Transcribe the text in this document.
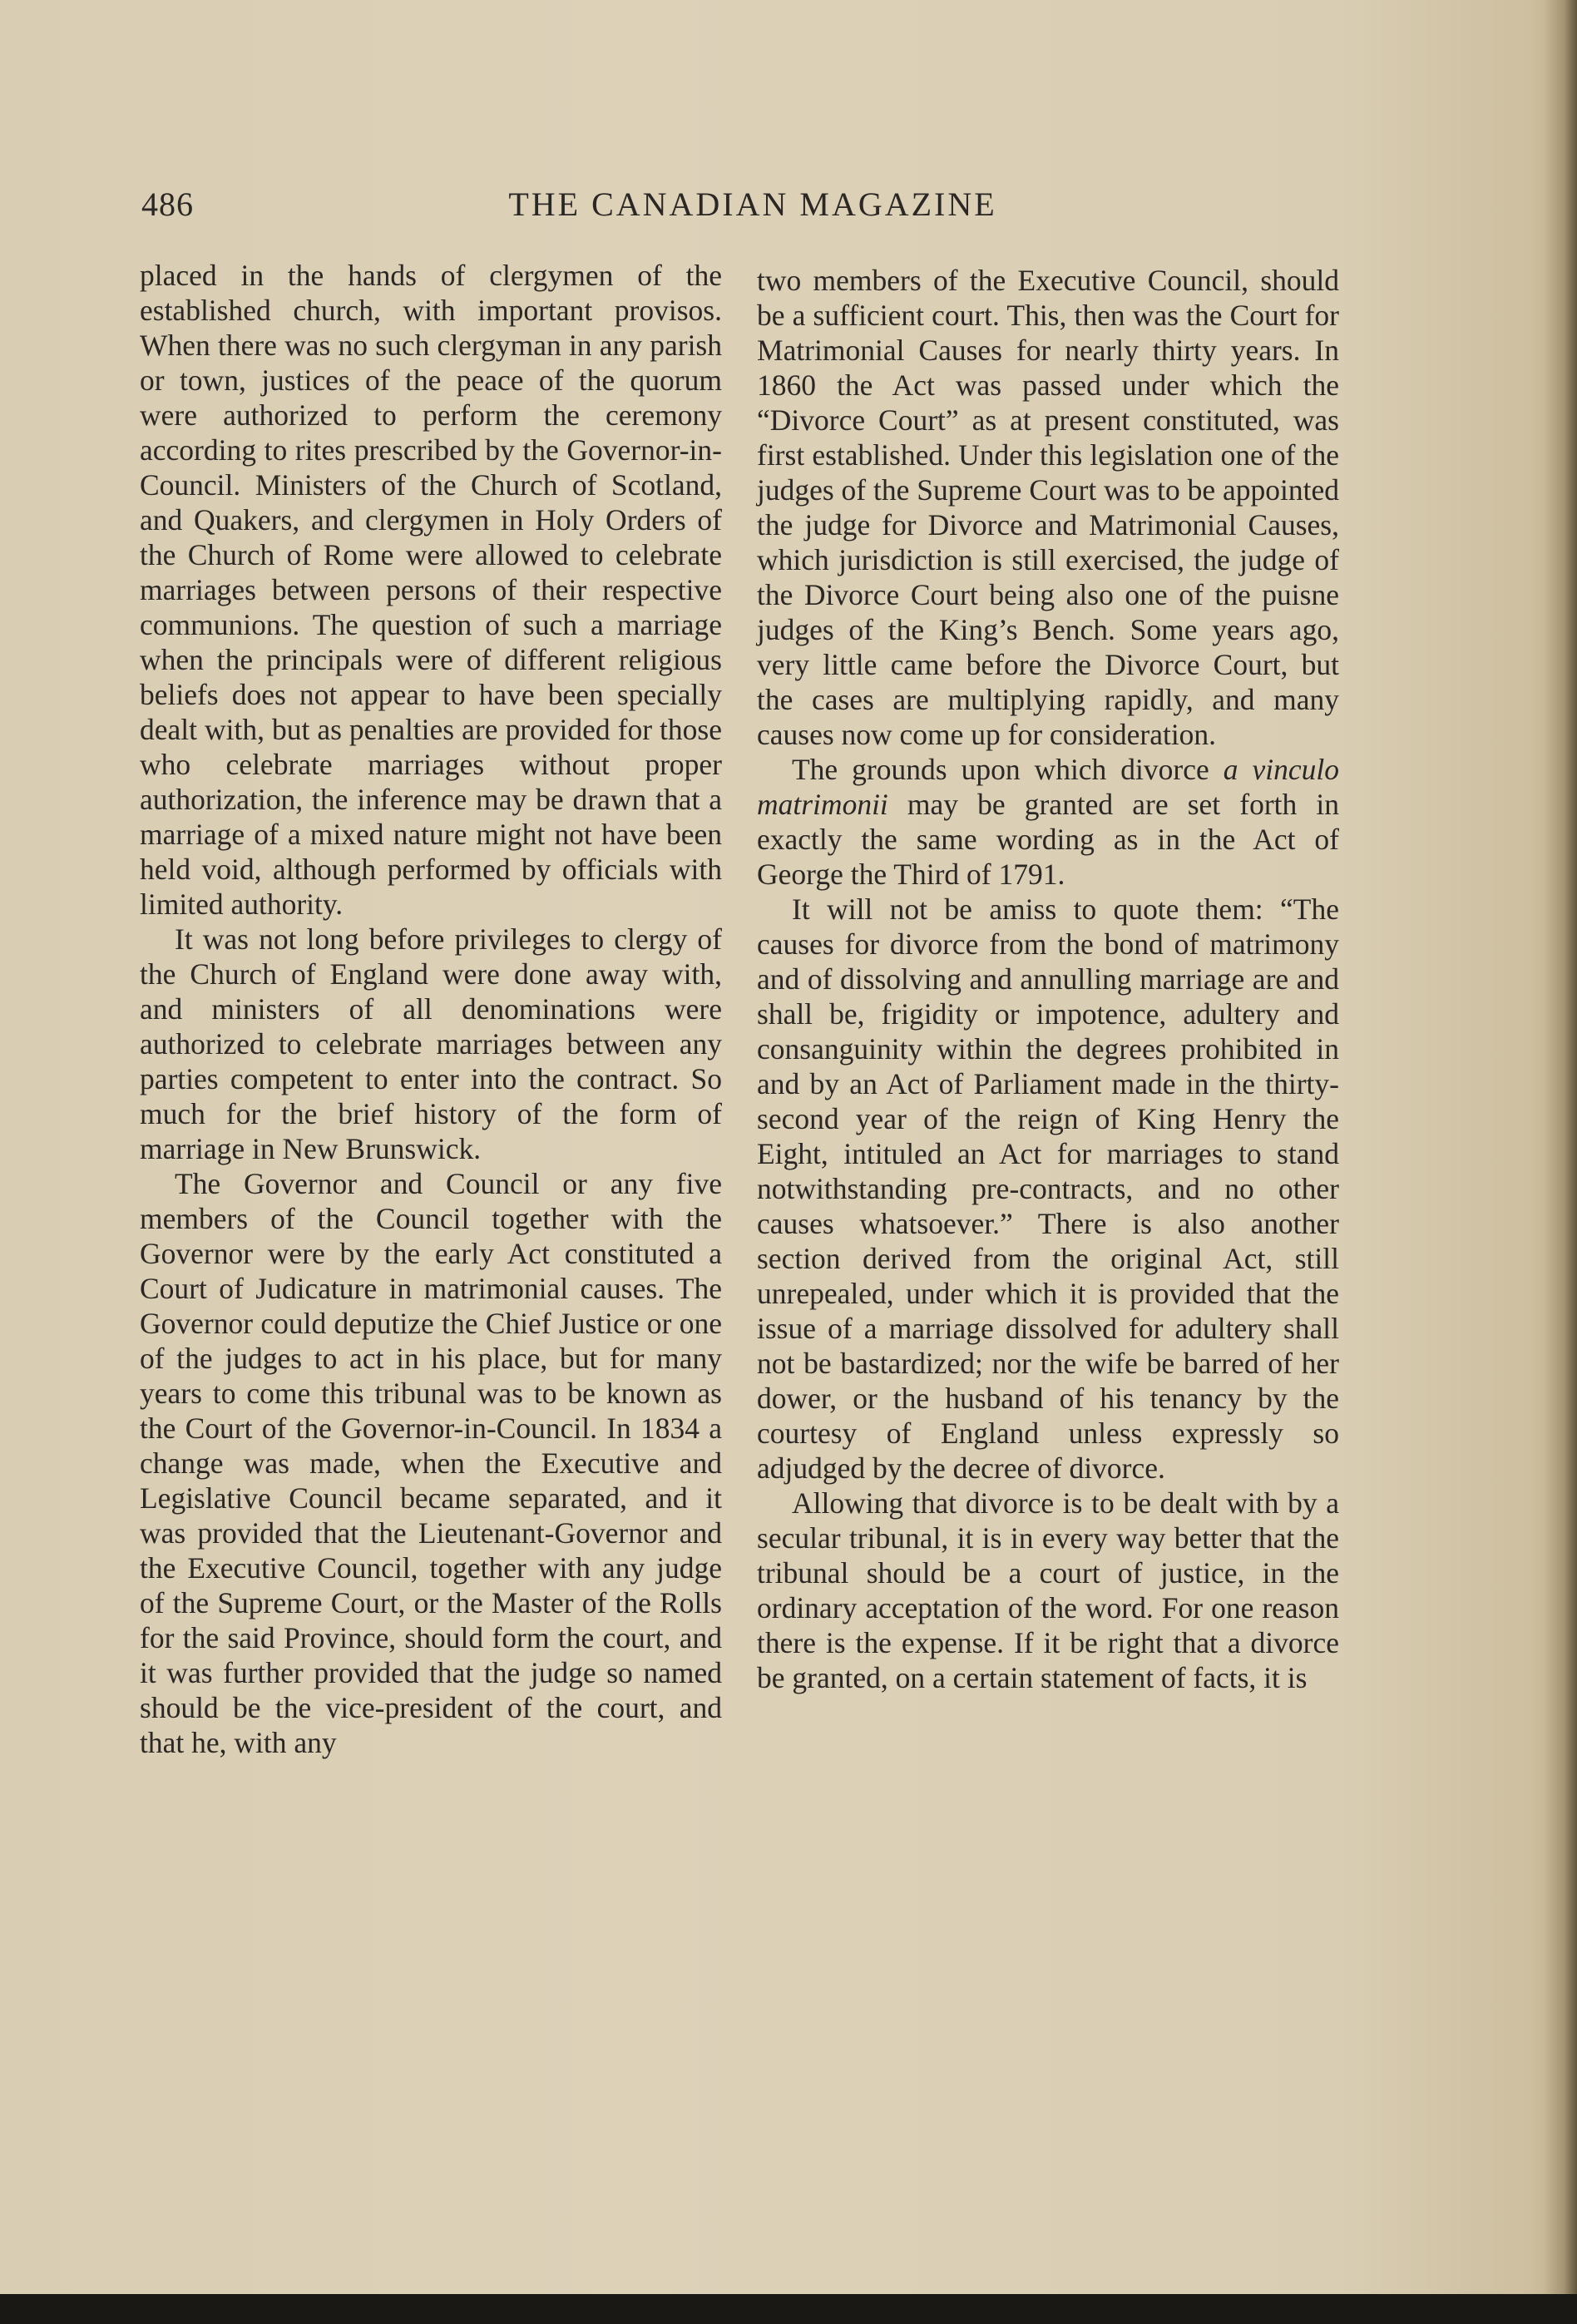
486	THE CANADIAN MAGAZINE

placed in the hands of clergymen of the established church, with important provisos. When there was no such clergyman in any parish or town, justices of the peace of the quorum were authorized to perform the ceremony according to rites prescribed by the Governor-in-Council. Ministers of the Church of Scotland, and Quakers, and clergymen in Holy Orders of the Church of Rome were allowed to celebrate marriages between persons of their respective communions. The question of such a marriage when the principals were of different religious beliefs does not appear to have been specially dealt with, but as penalties are provided for those who celebrate marriages without proper authorization, the inference may be drawn that a marriage of a mixed nature might not have been held void, although performed by officials with limited authority.

It was not long before privileges to clergy of the Church of England were done away with, and ministers of all denominations were authorized to celebrate marriages between any parties competent to enter into the contract. So much for the brief history of the form of marriage in New Brunswick.

The Governor and Council or any five members of the Council together with the Governor were by the early Act constituted a Court of Judicature in matrimonial causes. The Governor could deputize the Chief Justice or one of the judges to act in his place, but for many years to come this tribunal was to be known as the Court of the Governor-in-Council. In 1834 a change was made, when the Executive and Legislative Council became separated, and it was provided that the Lieutenant-Governor and the Executive Council, together with any judge of the Supreme Court, or the Master of the Rolls for the said Province, should form the court, and it was further provided that the judge so named should be the vice-president of the court, and that he, with any

two members of the Executive Council, should be a sufficient court. This, then was the Court for Matrimonial Causes for nearly thirty years. In 1860 the Act was passed under which the “Divorce Court” as at present constituted, was first established. Under this legislation one of the judges of the Supreme Court was to be appointed the judge for Divorce and Matrimonial Causes, which jurisdiction is still exercised, the judge of the Divorce Court being also one of the puisne judges of the King’s Bench. Some years ago, very little came before the Divorce Court, but the cases are multiplying rapidly, and many causes now come up for consideration.

The grounds upon which divorce a vinculo matrimonii may be granted are set forth in exactly the same wording as in the Act of George the Third of 1791.

It will not be amiss to quote them: “The causes for divorce from the bond of matrimony and of dissolving and annulling marriage are and shall be, frigidity or impotence, adultery and consanguinity within the degrees prohibited in and by an Act of Parliament made in the thirty-second year of the reign of King Henry the Eight, intituled an Act for marriages to stand notwithstanding pre-contracts, and no other causes whatsoever.” There is also another section derived from the original Act, still unrepealed, under which it is provided that the issue of a marriage dissolved for adultery shall not be bastardized; nor the wife be barred of her dower, or the husband of his tenancy by the courtesy of England unless expressly so adjudged by the decree of divorce.

Allowing that divorce is to be dealt with by a secular tribunal, it is in every way better that the tribunal should be a court of justice, in the ordinary acceptation of the word. For one reason there is the expense. If it be right that a divorce be granted, on a certain statement of facts, it is
